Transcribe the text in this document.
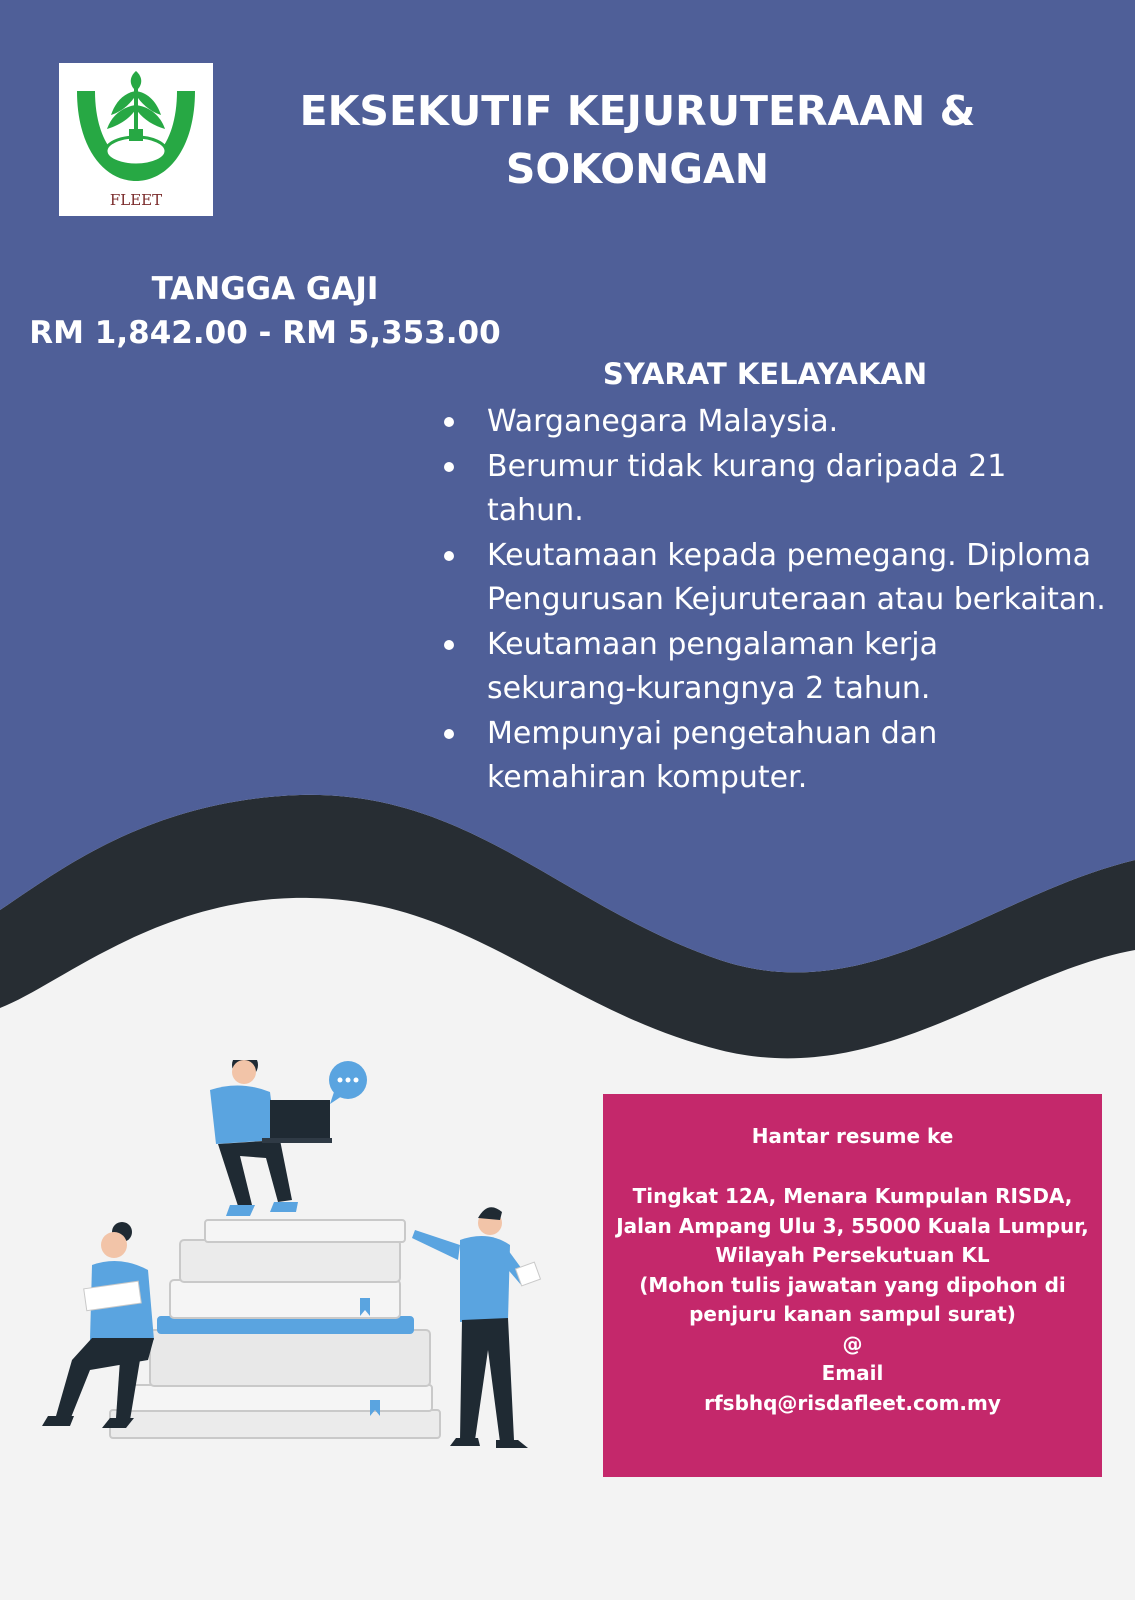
FLEET
EKSEKUTIF KEJURUTERAAN &
SOKONGAN
TANGGA GAJI
RM 1,842.00 - RM 5,353.00
SYARAT KELAYAKAN
Warganegara Malaysia.
Berumur tidak kurang daripada 21 tahun.
Keutamaan kepada pemegang. Diploma Pengurusan Kejuruteraan atau berkaitan.
Keutamaan pengalaman kerja sekurang-kurangnya 2 tahun.
Mempunyai pengetahuan dan kemahiran komputer.
Hantar resume ke
Tingkat 12A, Menara Kumpulan RISDA,
Jalan Ampang Ulu 3, 55000 Kuala Lumpur,
Wilayah Persekutuan KL
(Mohon tulis jawatan yang dipohon di
penjuru kanan sampul surat)
@
Email
rfsbhq@risdafleet.com.my
